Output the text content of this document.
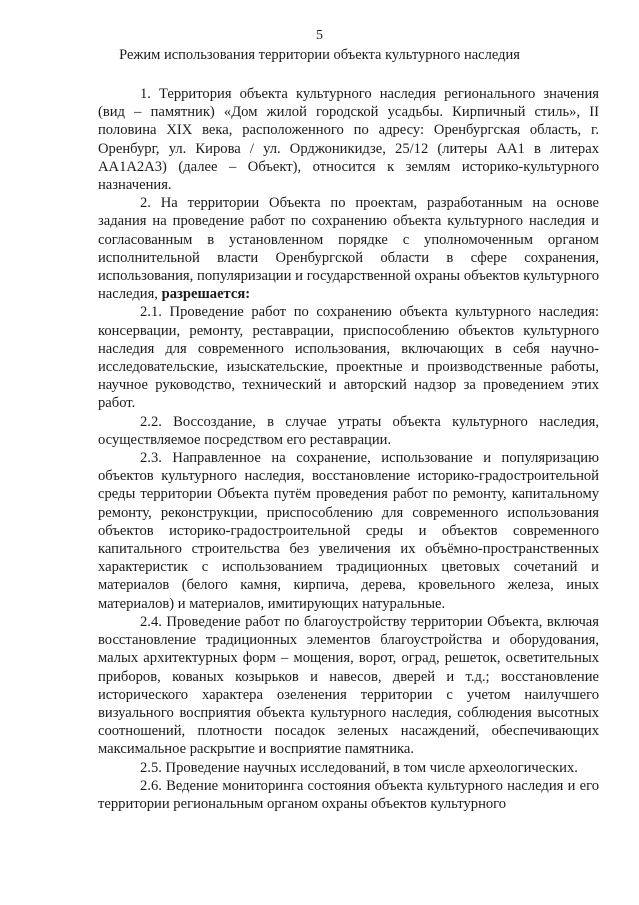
5
Режим использования территории объекта культурного наследия

1. Территория объекта культурного наследия регионального значения (вид – памятник) «Дом жилой городской усадьбы. Кирпичный стиль», II половина XIX века, расположенного по адресу: Оренбургская область, г. Оренбург, ул. Кирова / ул. Орджоникидзе, 25/12 (литеры АА1 в литерах АА1А2А3) (далее – Объект), относится к землям историко-культурного назначения.

2. На территории Объекта по проектам, разработанным на основе задания на проведение работ по сохранению объекта культурного наследия и согласованным в установленном порядке с уполномоченным органом исполнительной власти Оренбургской области в сфере сохранения, использования, популяризации и государственной охраны объектов культурного наследия, разрешается:

2.1. Проведение работ по сохранению объекта культурного наследия: консервации, ремонту, реставрации, приспособлению объектов культурного наследия для современного использования, включающих в себя научно-исследовательские, изыскательские, проектные и производственные работы, научное руководство, технический и авторский надзор за проведением этих работ.

2.2. Воссоздание, в случае утраты объекта культурного наследия, осуществляемое посредством его реставрации.

2.3. Направленное на сохранение, использование и популяризацию объектов культурного наследия, восстановление историко-градостроительной среды территории Объекта путём проведения работ по ремонту, капитальному ремонту, реконструкции, приспособлению для современного использования объектов историко-градостроительной среды и объектов современного капитального строительства без увеличения их объёмно-пространственных характеристик с использованием традиционных цветовых сочетаний и материалов (белого камня, кирпича, дерева, кровельного железа, иных материалов) и материалов, имитирующих натуральные.

2.4. Проведение работ по благоустройству территории Объекта, включая восстановление традиционных элементов благоустройства и оборудования, малых архитектурных форм – мощения, ворот, оград, решеток, осветительных приборов, кованых козырьков и навесов, дверей и т.д.; восстановление исторического характера озеленения территории с учетом наилучшего визуального восприятия объекта культурного наследия, соблюдения высотных соотношений, плотности посадок зеленых насаждений, обеспечивающих максимальное раскрытие и восприятие памятника.

2.5. Проведение научных исследований, в том числе археологических.

2.6. Ведение мониторинга состояния объекта культурного наследия и его территории региональным органом охраны объектов культурного
